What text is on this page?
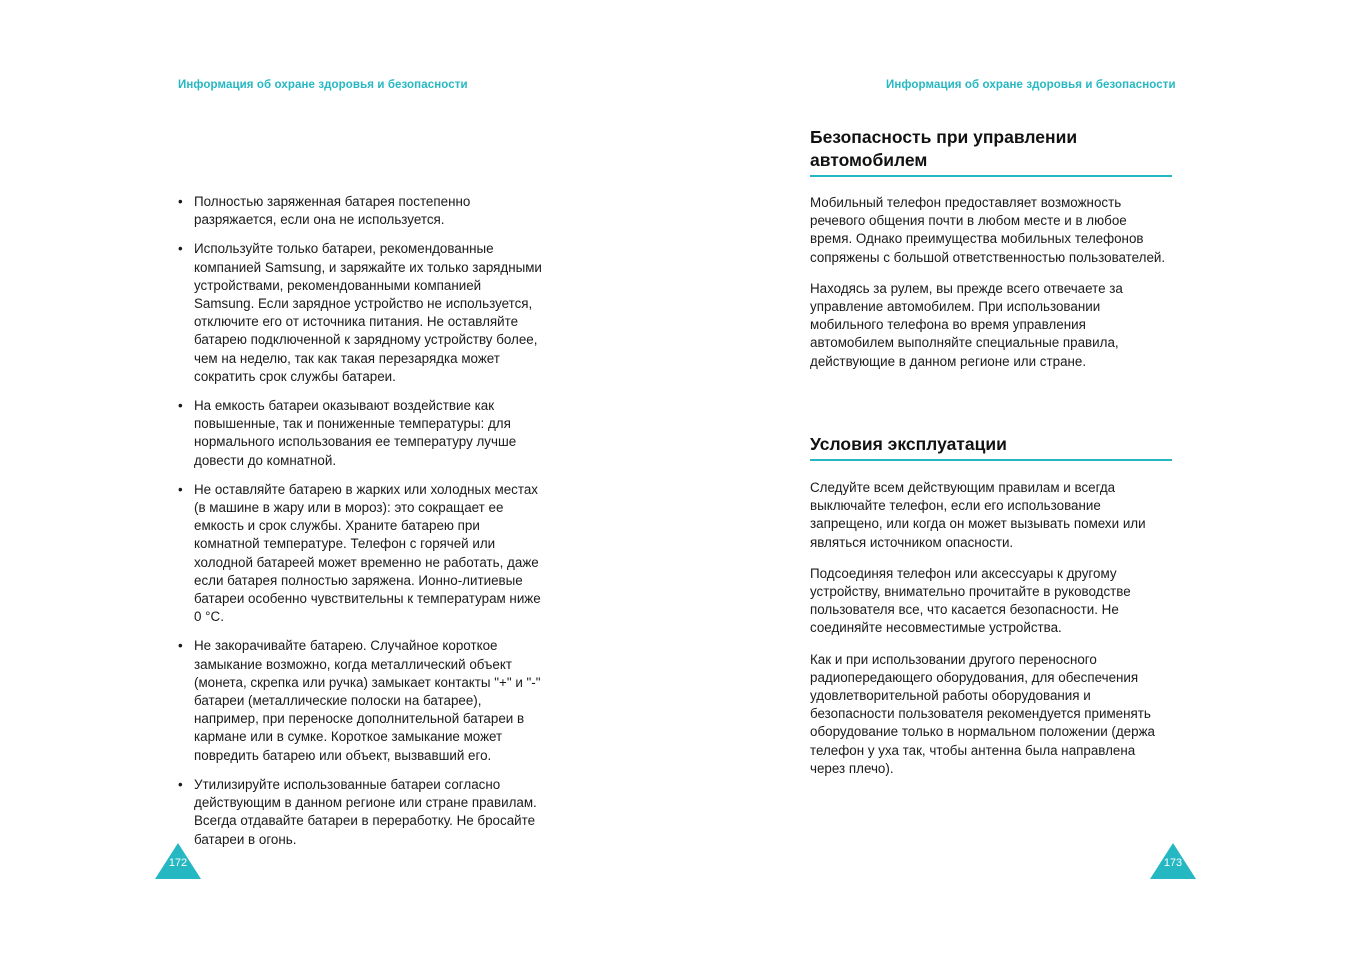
Информация об охране здоровья и безопасности	Информация об охране здоровья и безопасности
• Полностью заряженная батарея постепенно разряжается, если она не используется.
• Используйте только батареи, рекомендованные компанией Samsung, и заряжайте их только зарядными устройствами, рекомендованными компанией Samsung. Если зарядное устройство не используется, отключите его от источника питания. Не оставляйте батарею подключенной к зарядному устройству более, чем на неделю, так как такая перезарядка может сократить срок службы батареи.
• На емкость батареи оказывают воздействие как повышенные, так и пониженные температуры: для нормального использования ее температуру лучше довести до комнатной.
• Не оставляйте батарею в жарких или холодных местах (в машине в жару или в мороз): это сокращает ее емкость и срок службы. Храните батарею при комнатной температуре. Телефон с горячей или холодной батареей может временно не работать, даже если батарея полностью заряжена. Ионно-литиевые батареи особенно чувствительны к температурам ниже 0 °C.
• Не закорачивайте батарею. Случайное короткое замыкание возможно, когда металлический объект (монета, скрепка или ручка) замыкает контакты "+" и "-" батареи (металлические полоски на батарее), например, при переноске дополнительной батареи в кармане или в сумке. Короткое замыкание может повредить батарею или объект, вызвавший его.
• Утилизируйте использованные батареи согласно действующим в данном регионе или стране правилам. Всегда отдавайте батареи в переработку. Не бросайте батареи в огонь.
Безопасность при управлении автомобилем

Мобильный телефон предоставляет возможность речевого общения почти в любом месте и в любое время. Однако преимущества мобильных телефонов сопряжены с большой ответственностью пользователей.

Находясь за рулем, вы прежде всего отвечаете за управление автомобилем. При использовании мобильного телефона во время управления автомобилем выполняйте специальные правила, действующие в данном регионе или стране.

Условия эксплуатации

Следуйте всем действующим правилам и всегда выключайте телефон, если его использование запрещено, или когда он может вызывать помехи или являться источником опасности.

Подсоединяя телефон или аксессуары к другому устройству, внимательно прочитайте в руководстве пользователя все, что касается безопасности. Не соединяйте несовместимые устройства.

Как и при использовании другого переносного радиопередающего оборудования, для обеспечения удовлетворительной работы оборудования и безопасности пользователя рекомендуется применять оборудование только в нормальном положении (держа телефон у уха так, чтобы антенна была направлена через плечо).

172	173
